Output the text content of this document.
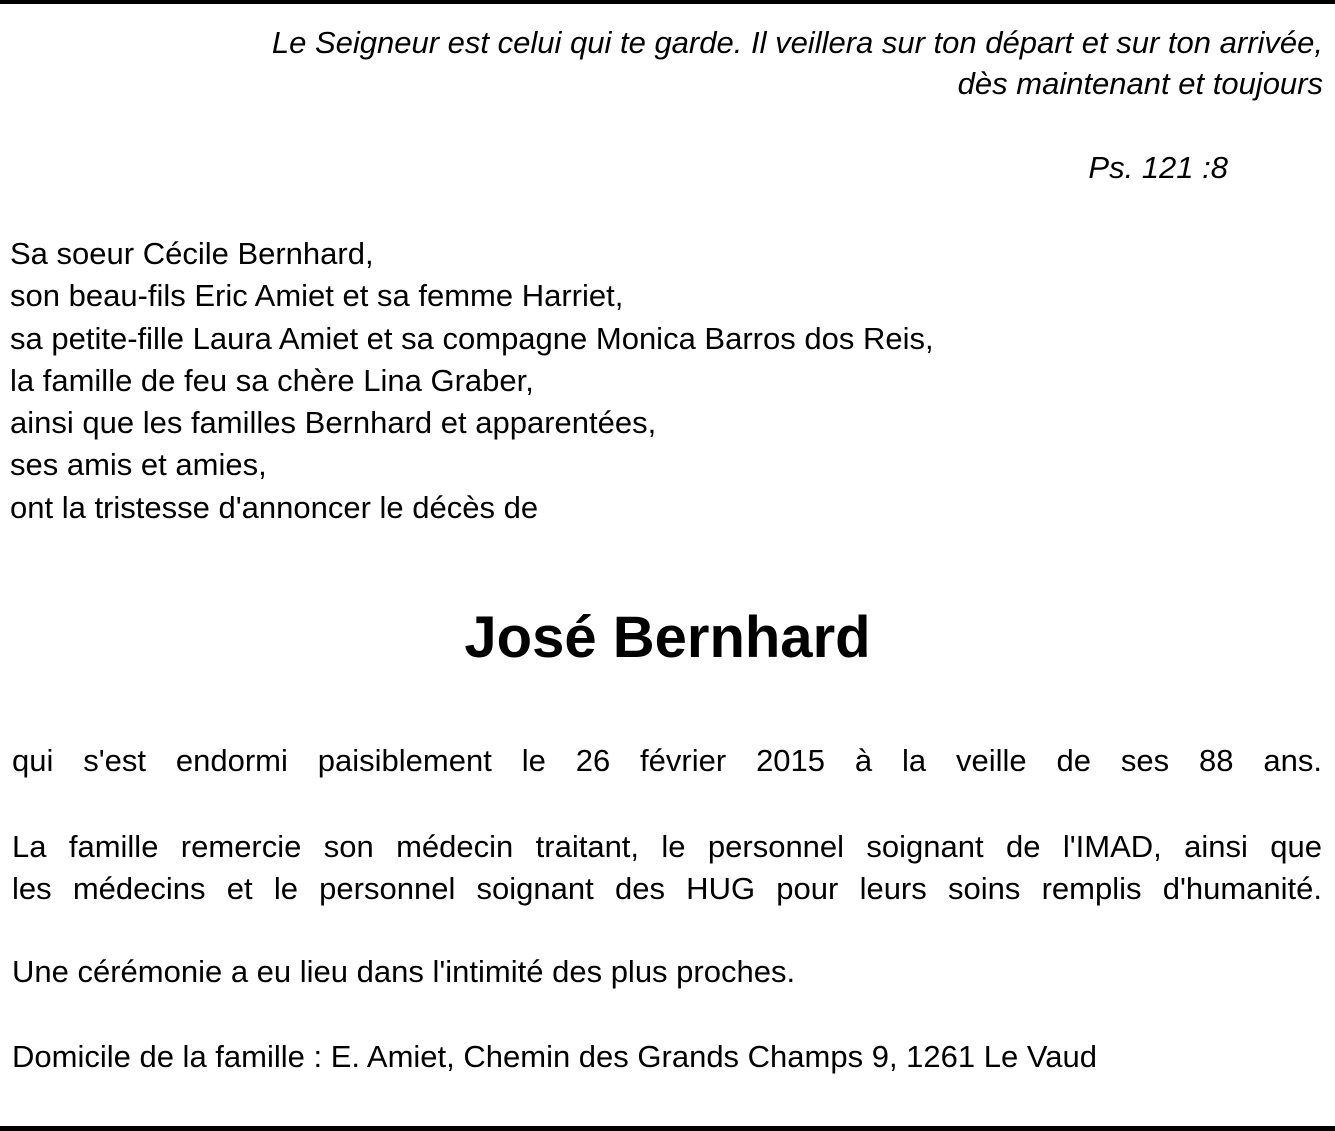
Le Seigneur est celui qui te garde. Il veillera sur ton départ et sur ton arrivée,
dès maintenant et toujours
Ps. 121 :8
Sa soeur Cécile Bernhard,
son beau-fils Eric Amiet et sa femme Harriet,
sa petite-fille Laura Amiet et sa compagne Monica Barros dos Reis,
la famille de feu sa chère Lina Graber,
ainsi que les familles Bernhard et apparentées,
ses amis et amies,
ont la tristesse d'annoncer le décès de
José Bernhard
qui s'est endormi paisiblement le 26 février 2015 à la veille de ses 88 ans.
La famille remercie son médecin traitant, le personnel soignant de l'IMAD, ainsi que
les médecins et le personnel soignant des HUG pour leurs soins remplis d'humanité.
Une cérémonie a eu lieu dans l'intimité des plus proches.
Domicile de la famille : E. Amiet, Chemin des Grands Champs 9, 1261 Le Vaud
